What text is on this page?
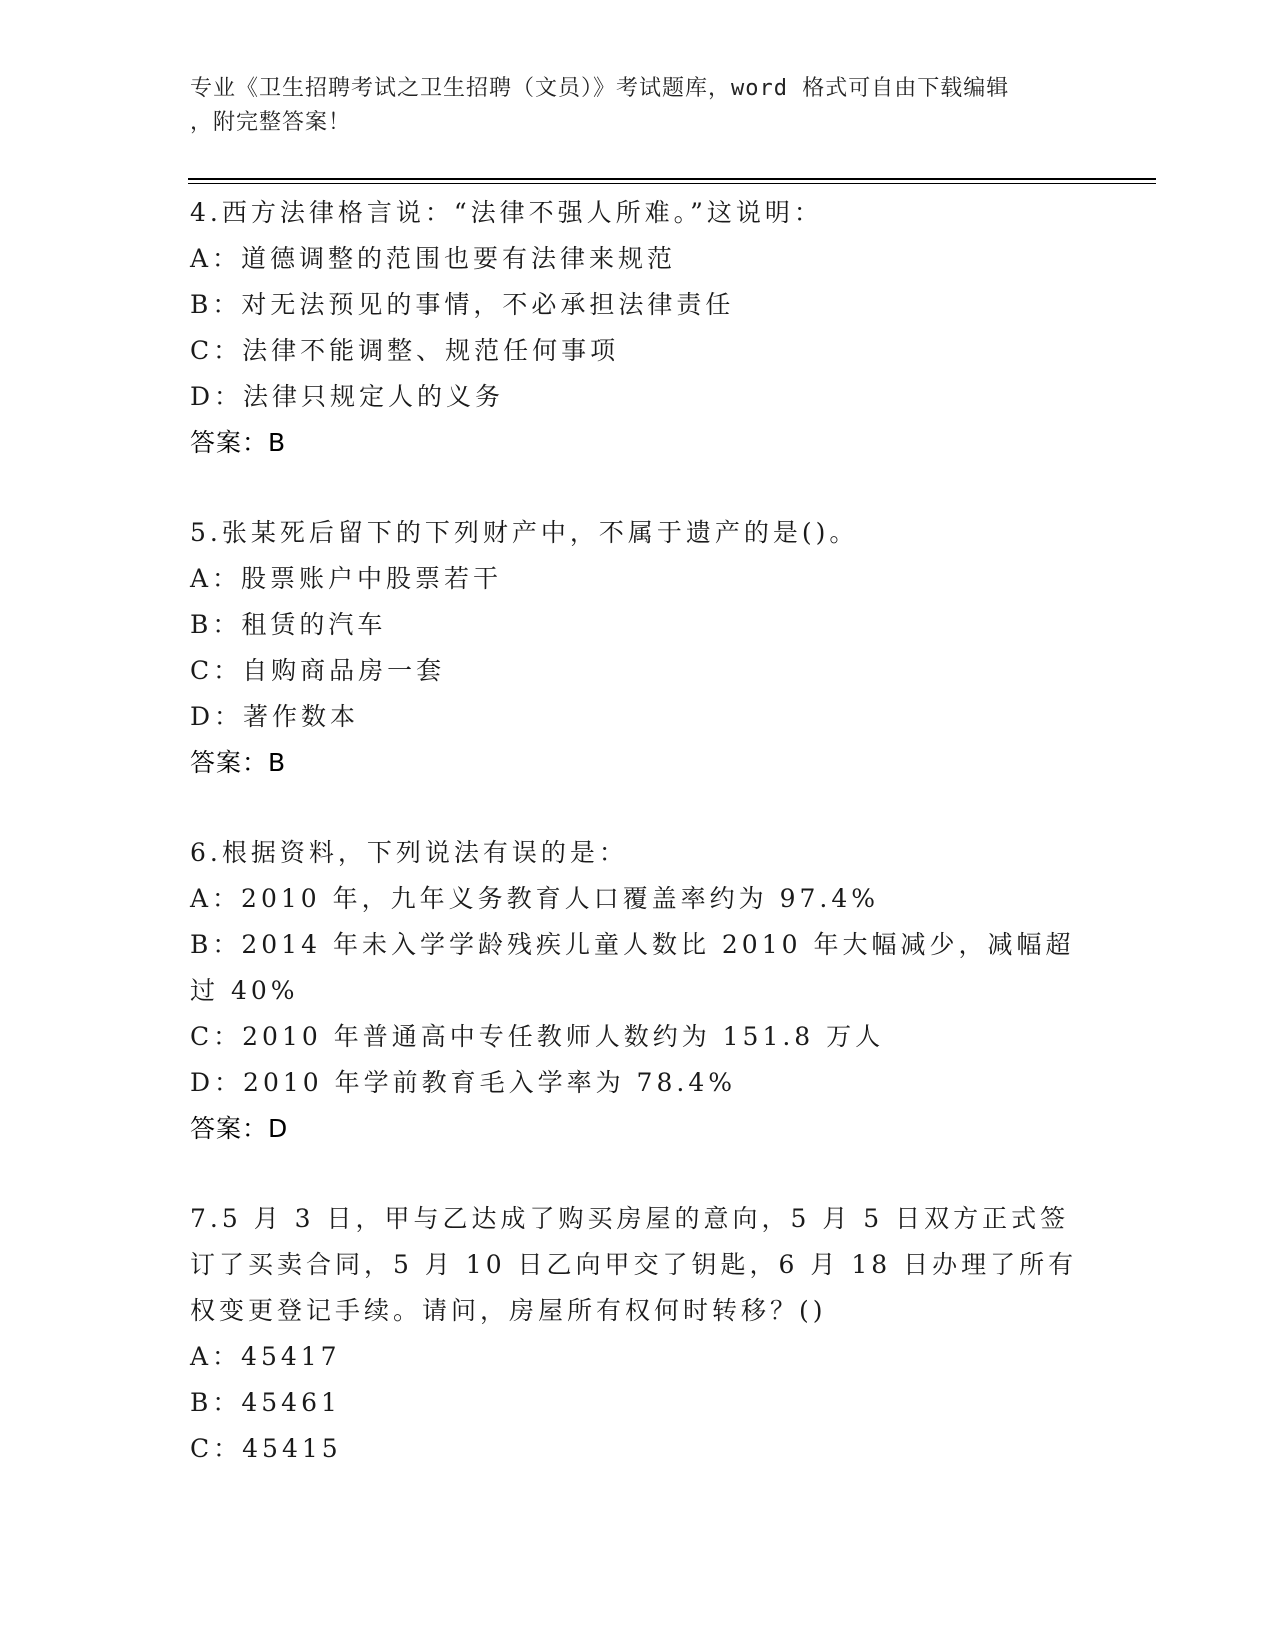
专业《卫生招聘考试之卫生招聘（文员）》考试题库，word 格式可自由下载编辑
，附完整答案！
4.西方法律格言说：“法律不强人所难。”这说明：
A：道德调整的范围也要有法律来规范
B：对无法预见的事情，不必承担法律责任
C：法律不能调整、规范任何事项
D：法律只规定人的义务
答案：B
5.张某死后留下的下列财产中，不属于遗产的是()。
A：股票账户中股票若干
B：租赁的汽车
C：自购商品房一套
D：著作数本
答案：B
6.根据资料，下列说法有误的是：
A：2010 年，九年义务教育人口覆盖率约为 97.4%
B：2014 年未入学学龄残疾儿童人数比 2010 年大幅减少，减幅超过 40%
C：2010 年普通高中专任教师人数约为 151.8 万人
D：2010 年学前教育毛入学率为 78.4%
答案：D
7.5 月 3 日，甲与乙达成了购买房屋的意向，5 月 5 日双方正式签订了买卖合同，5 月 10 日乙向甲交了钥匙，6 月 18 日办理了所有权变更登记手续。请问，房屋所有权何时转移？()
A：45417
B：45461
C：45415
